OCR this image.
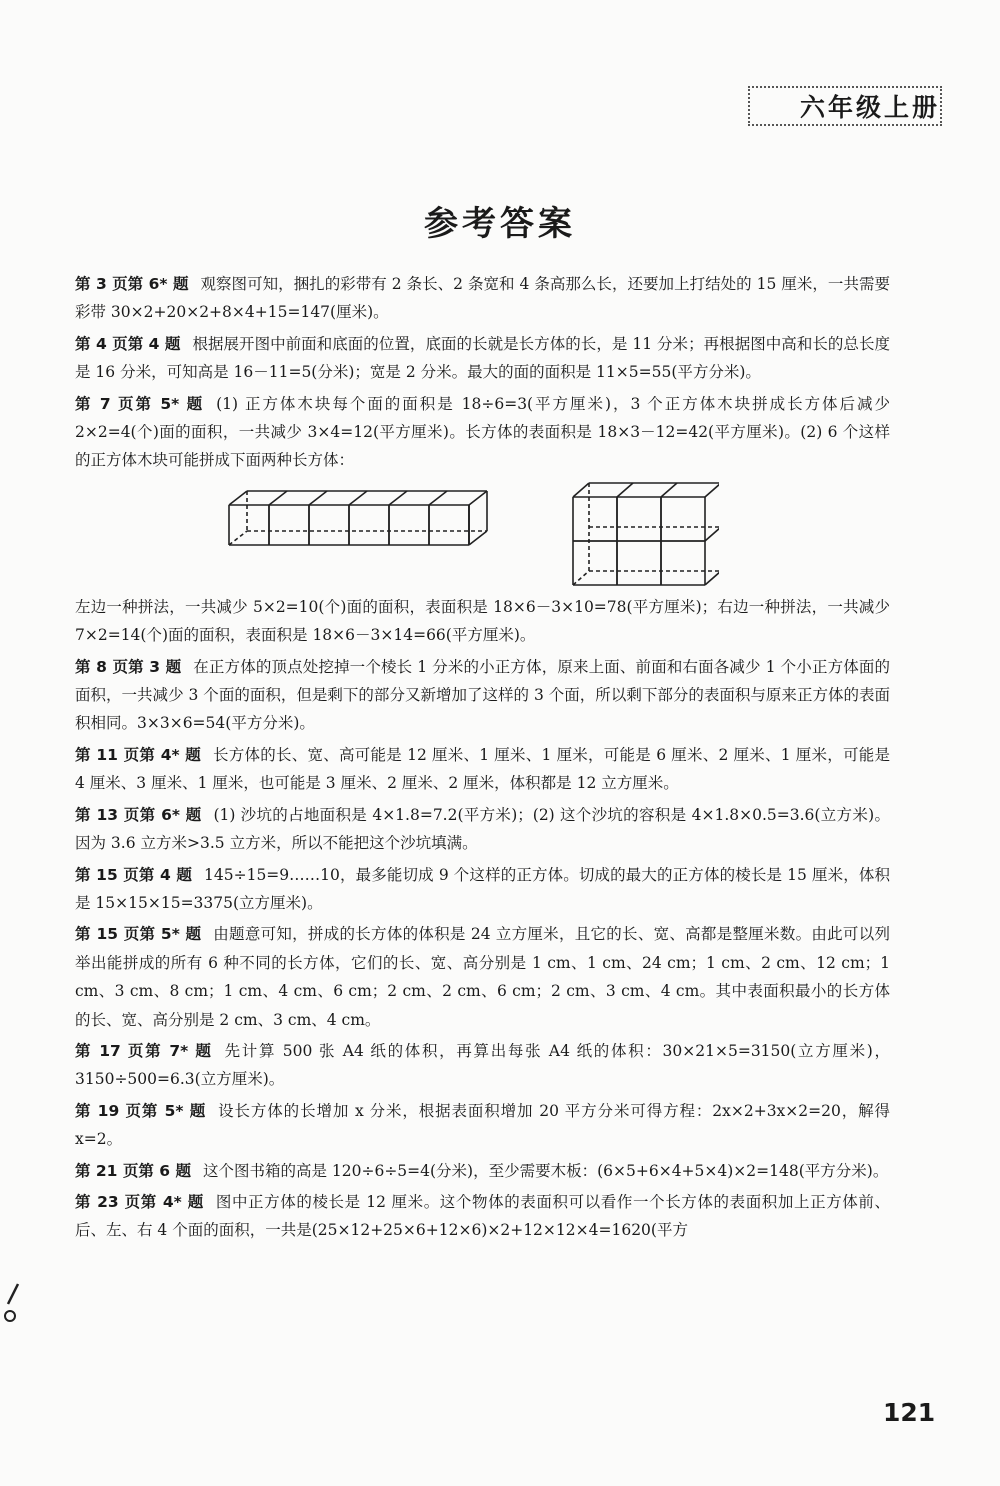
六年级上册
参考答案

第 3 页第 6* 题 观察图可知，捆扎的彩带有 2 条长、2 条宽和 4 条高那么长，还要加上打结处的 15 厘米，一共需要彩带 30×2+20×2+8×4+15=147(厘米)。

第 4 页第 4 题 根据展开图中前面和底面的位置，底面的长就是长方体的长，是 11 分米；再根据图中高和长的总长度是 16 分米，可知高是 16－11=5(分米)；宽是 2 分米。最大的面的面积是 11×5=55(平方分米)。

第 7 页第 5* 题 (1) 正方体木块每个面的面积是 18÷6=3(平方厘米)，3 个正方体木块拼成长方体后减少 2×2=4(个)面的面积，一共减少 3×4=12(平方厘米)。长方体的表面积是 18×3－12=42(平方厘米)。(2) 6 个这样的正方体木块可能拼成下面两种长方体：

左边一种拼法，一共减少 5×2=10(个)面的面积，表面积是 18×6－3×10=78(平方厘米)；右边一种拼法，一共减少 7×2=14(个)面的面积，表面积是 18×6－3×14=66(平方厘米)。

第 8 页第 3 题 在正方体的顶点处挖掉一个棱长 1 分米的小正方体，原来上面、前面和右面各减少 1 个小正方体面的面积，一共减少 3 个面的面积，但是剩下的部分又新增加了这样的 3 个面，所以剩下部分的表面积与原来正方体的表面积相同。3×3×6=54(平方分米)。

第 11 页第 4* 题 长方体的长、宽、高可能是 12 厘米、1 厘米、1 厘米，可能是 6 厘米、2 厘米、1 厘米，可能是 4 厘米、3 厘米、1 厘米，也可能是 3 厘米、2 厘米、2 厘米，体积都是 12 立方厘米。

第 13 页第 6* 题 (1) 沙坑的占地面积是 4×1.8=7.2(平方米)；(2) 这个沙坑的容积是 4×1.8×0.5=3.6(立方米)。因为 3.6 立方米>3.5 立方米，所以不能把这个沙坑填满。

第 15 页第 4 题 145÷15=9……10，最多能切成 9 个这样的正方体。切成的最大的正方体的棱长是 15 厘米，体积是 15×15×15=3375(立方厘米)。

第 15 页第 5* 题 由题意可知，拼成的长方体的体积是 24 立方厘米，且它的长、宽、高都是整厘米数。由此可以列举出能拼成的所有 6 种不同的长方体，它们的长、宽、高分别是 1 cm、1 cm、24 cm；1 cm、2 cm、12 cm；1 cm、3 cm、8 cm；1 cm、4 cm、6 cm；2 cm、2 cm、6 cm；2 cm、3 cm、4 cm。其中表面积最小的长方体的长、宽、高分别是 2 cm、3 cm、4 cm。

第 17 页第 7* 题 先计算 500 张 A4 纸的体积，再算出每张 A4 纸的体积：30×21×5=3150(立方厘米)，3150÷500=6.3(立方厘米)。

第 19 页第 5* 题 设长方体的长增加 x 分米，根据表面积增加 20 平方分米可得方程：2x×2+3x×2=20，解得 x=2。

第 21 页第 6 题 这个图书箱的高是 120÷6÷5=4(分米)，至少需要木板：(6×5+6×4+5×4)×2=148(平方分米)。

第 23 页第 4* 题 图中正方体的棱长是 12 厘米。这个物体的表面积可以看作一个长方体的表面积加上正方体前、后、左、右 4 个面的面积，一共是(25×12+25×6+12×6)×2+12×12×4=1620(平方

121
